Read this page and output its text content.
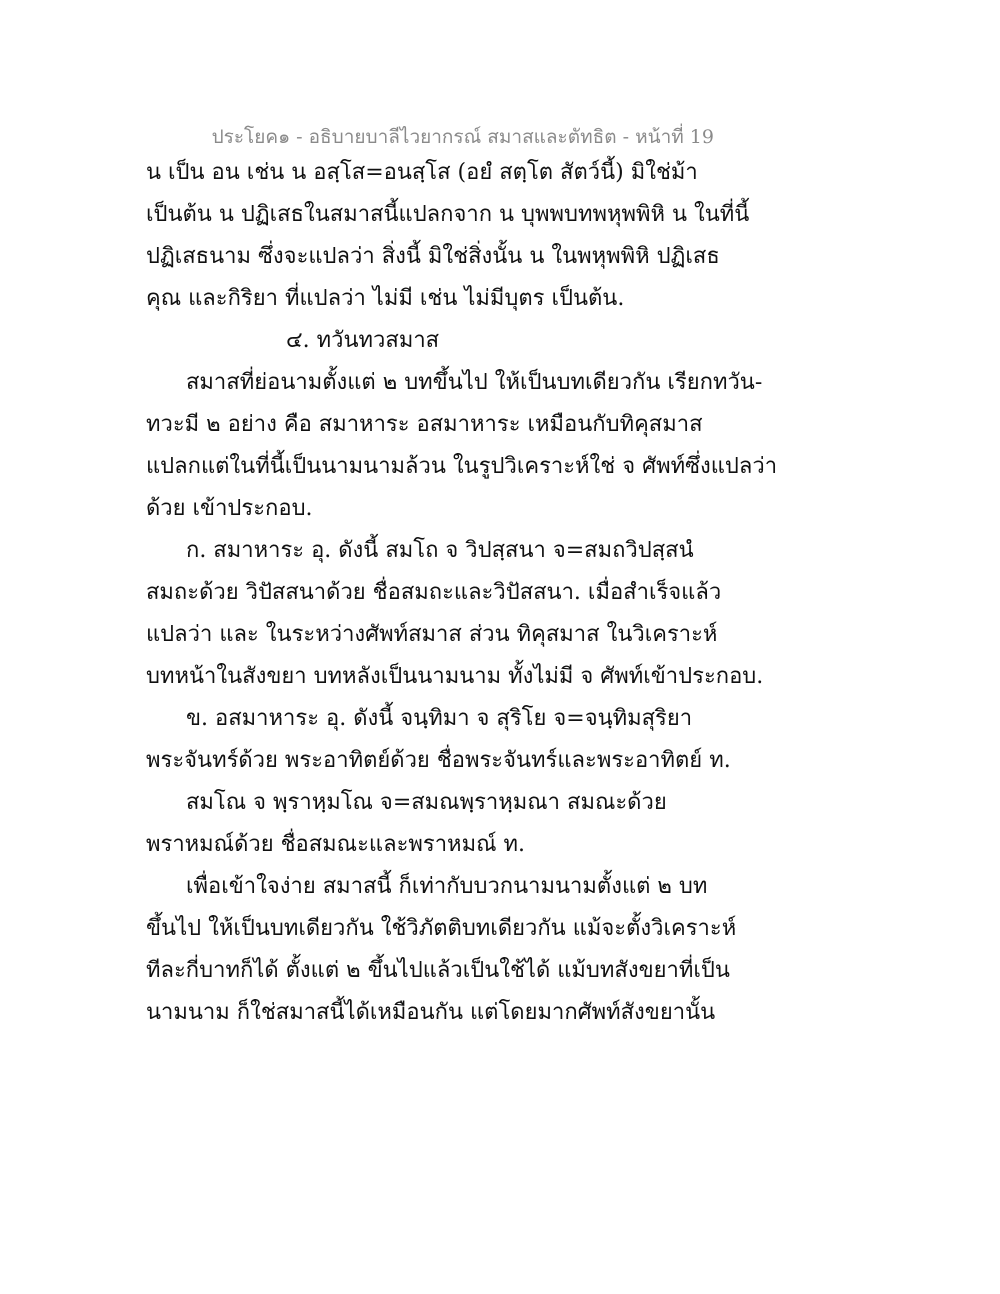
ประโยค๑ - อธิบายบาลีไวยากรณ์ สมาสและตัทธิต - หน้าที่ 19
น เป็น อน เช่น น อสฺโส=อนสฺโส (อยํ สตฺโต สัตว์นี้) มิใช่ม้า
เป็นต้น น ปฏิเสธในสมาสนี้แปลกจาก น บุพพบทพหุพพิหิ น ในที่นี้
ปฏิเสธนาม ซึ่งจะแปลว่า สิ่งนี้ มิใช่สิ่งนั้น น ในพหุพพิหิ ปฏิเสธ
คุณ และกิริยา ที่แปลว่า ไม่มี เช่น ไม่มีบุตร เป็นต้น.
๔. ทวันทวสมาส
สมาสที่ย่อนามตั้งแต่ ๒ บทขึ้นไป ให้เป็นบทเดียวกัน เรียกทวัน-
ทวะมี ๒ อย่าง คือ สมาหาระ อสมาหาระ เหมือนกับทิคุสมาส
แปลกแต่ในที่นี้เป็นนามนามล้วน ในรูปวิเคราะห์ใช่ จ ศัพท์ซึ่งแปลว่า
ด้วย เข้าประกอบ.
ก. สมาหาระ อุ. ดังนี้ สมโถ จ วิปสฺสนา จ=สมถวิปสฺสนํ
สมถะด้วย วิปัสสนาด้วย ชื่อสมถะและวิปัสสนา. เมื่อสำเร็จแล้ว
แปลว่า และ ในระหว่างศัพท์สมาส ส่วน ทิคุสมาส ในวิเคราะห์
บทหน้าในสังขยา บทหลังเป็นนามนาม ทั้งไม่มี จ ศัพท์เข้าประกอบ.
ข. อสมาหาระ อุ. ดังนี้ จนฺทิมา จ สุริโย จ=จนฺทิมสุริยา
พระจันทร์ด้วย พระอาทิตย์ด้วย ชื่อพระจันทร์และพระอาทิตย์ ท.
สมโณ จ พฺราหฺมโณ จ=สมณพฺราหฺมณา สมณะด้วย
พราหมณ์ด้วย ชื่อสมณะและพราหมณ์ ท.
เพื่อเข้าใจง่าย สมาสนี้ ก็เท่ากับบวกนามนามตั้งแต่ ๒ บท
ขึ้นไป ให้เป็นบทเดียวกัน ใช้วิภัตติบทเดียวกัน แม้จะตั้งวิเคราะห์
ทีละกี่บาทก็ได้ ตั้งแต่ ๒ ขึ้นไปแล้วเป็นใช้ได้ แม้บทสังขยาที่เป็น
นามนาม ก็ใช่สมาสนี้ได้เหมือนกัน แต่โดยมากศัพท์สังขยานั้น
